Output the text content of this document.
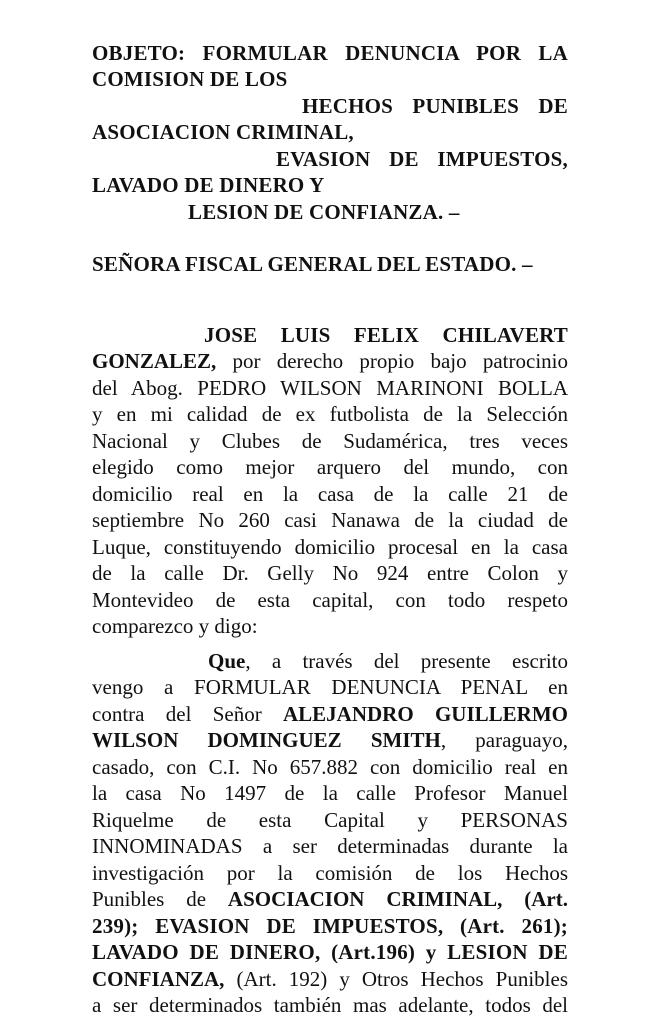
OBJETO: FORMULAR DENUNCIA POR LA
COMISION DE LOS
HECHOS PUNIBLES DE
ASOCIACION CRIMINAL,
EVASION DE IMPUESTOS,
LAVADO DE DINERO Y
LESION DE CONFIANZA. –
SEÑORA FISCAL GENERAL DEL ESTADO. –
JOSE LUIS FELIX CHILAVERT
GONZALEZ, por derecho propio bajo patrocinio
del Abog. PEDRO WILSON MARINONI BOLLA
y en mi calidad de ex futbolista de la Selección
Nacional y Clubes de Sudamérica, tres veces
elegido como mejor arquero del mundo, con
domicilio real en la casa de la calle 21 de
septiembre No 260 casi Nanawa de la ciudad de
Luque, constituyendo domicilio procesal en la casa
de la calle Dr. Gelly No 924 entre Colon y
Montevideo de esta capital, con todo respeto
comparezco y digo:
Que, a través del presente escrito
vengo a FORMULAR DENUNCIA PENAL en
contra del Señor ALEJANDRO GUILLERMO
WILSON DOMINGUEZ SMITH, paraguayo,
casado, con C.I. No 657.882 con domicilio real en
la casa No 1497 de la calle Profesor Manuel
Riquelme de esta Capital y PERSONAS
INNOMINADAS a ser determinadas durante la
investigación por la comisión de los Hechos
Punibles de ASOCIACION CRIMINAL, (Art.
239); EVASION DE IMPUESTOS, (Art. 261);
LAVADO DE DINERO, (Art.196) y LESION DE
CONFIANZA, (Art. 192) y Otros Hechos Punibles
a ser determinados también mas adelante, todos del
